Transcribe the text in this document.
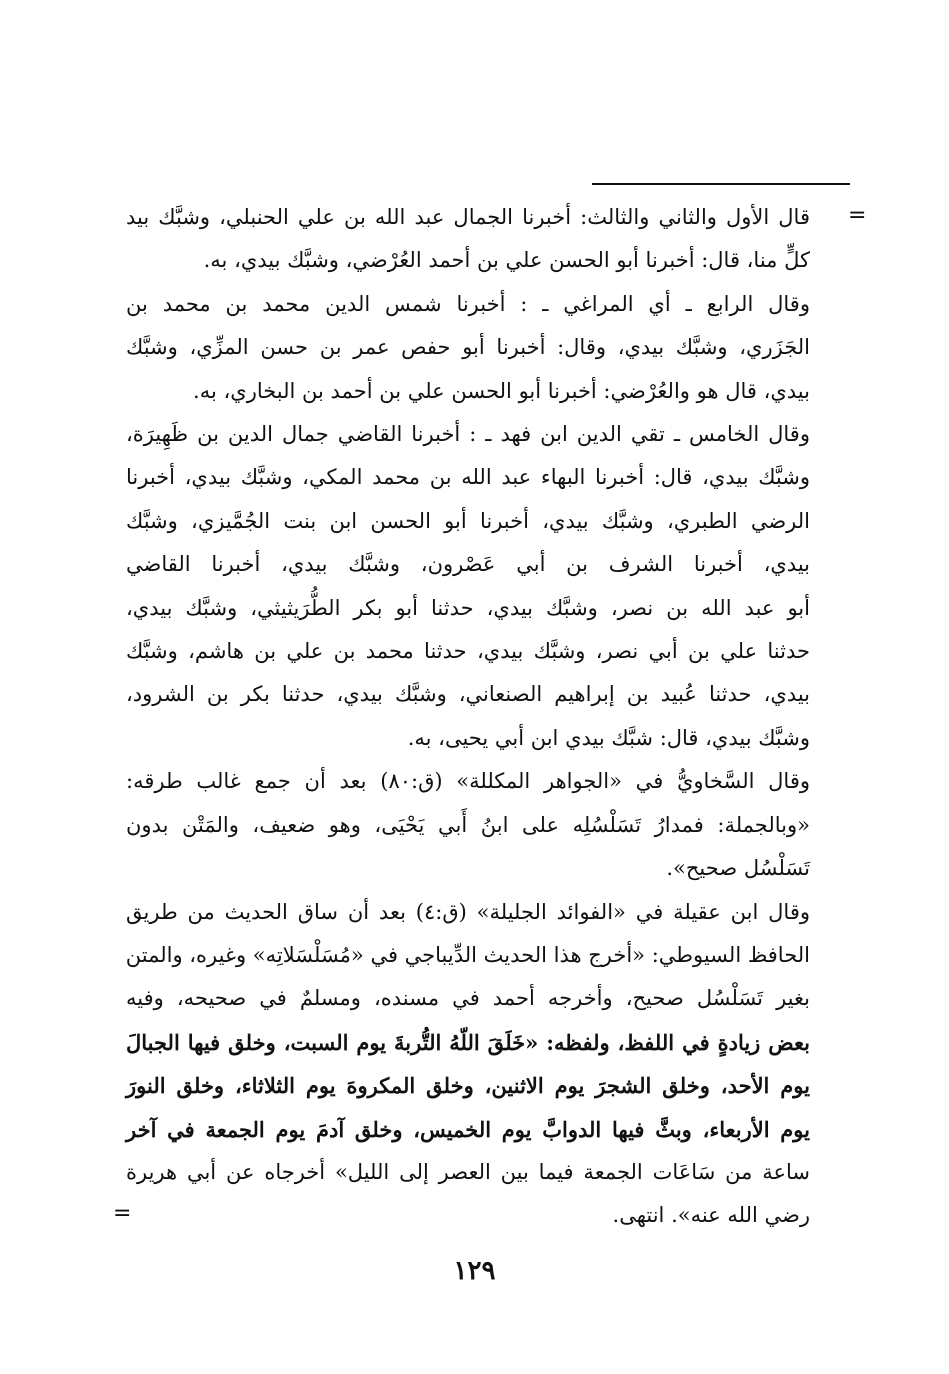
=

قال الأول والثاني والثالث: أخبرنا الجمال عبد الله بن علي الحنبلي، وشبَّك بيد
كلٍّ منا، قال: أخبرنا أبو الحسن علي بن أحمد العُرْضي، وشبَّك بيدي، به.

وقال الرابع ـ أي المراغي ـ : أخبرنا شمس الدين محمد بن محمد بن
الجَزَري، وشبَّك بيدي، وقال: أخبرنا أبو حفص عمر بن حسن المزِّي، وشبَّك
بيدي، قال هو والعُرْضي: أخبرنا أبو الحسن علي بن أحمد بن البخاري، به.

وقال الخامس ـ تقي الدين ابن فهد ـ : أخبرنا القاضي جمال الدين بن ظَهِيرَة،
وشبَّك بيدي، قال: أخبرنا البهاء عبد الله بن محمد المكي، وشبَّك بيدي، أخبرنا
الرضي الطبري، وشبَّك بيدي، أخبرنا أبو الحسن ابن بنت الجُمَّيزي، وشبَّك
بيدي، أخبرنا الشرف بن أبي عَصْرون، وشبَّك بيدي، أخبرنا القاضي
أبو عبد الله بن نصر، وشبَّك بيدي، حدثنا أبو بكر الطُّرَيثيثي، وشبَّك بيدي،
حدثنا علي بن أبي نصر، وشبَّك بيدي، حدثنا محمد بن علي بن هاشم، وشبَّك
بيدي، حدثنا عُبيد بن إبراهيم الصنعاني، وشبَّك بيدي، حدثنا بكر بن الشرود،
وشبَّك بيدي، قال: شبَّك بيدي ابن أبي يحيى، به.

وقال السَّخاويُّ في «الجواهر المكللة» (ق:٨٠) بعد أن جمع غالب طرقه:
«وبالجملة: فمدارُ تَسَلْسُلِه على ابنُ أَبي يَحْيَى، وهو ضعيف، والمَتْن بدون
تَسَلْسُل صحيح».

وقال ابن عقيلة في «الفوائد الجليلة» (ق:٤) بعد أن ساق الحديث من طريق
الحافظ السيوطي: «أخرج هذا الحديث الدِّيباجي في «مُسَلْسَلاتِه» وغيره، والمتن
بغير تَسَلْسُل صحيح، وأخرجه أحمد في مسنده، ومسلمٌ في صحيحه، وفيه
بعض زيادةٍ في اللفظ، ولفظه: «خَلَقَ اللّهُ التُّربةَ يوم السبت، وخلق فيها الجبالَ
يوم الأحد، وخلق الشجرَ يوم الاثنين، وخلق المكروهَ يوم الثلاثاء، وخلق النورَ
يوم الأربعاء، وبثَّ فيها الدوابَّ يوم الخميس، وخلق آدمَ يوم الجمعة في آخر
ساعة من سَاعَات الجمعة فيما بين العصر إلى الليل» أخرجاه عن أبي هريرة
رضي الله عنه». انتهى.

=
١٢٩
